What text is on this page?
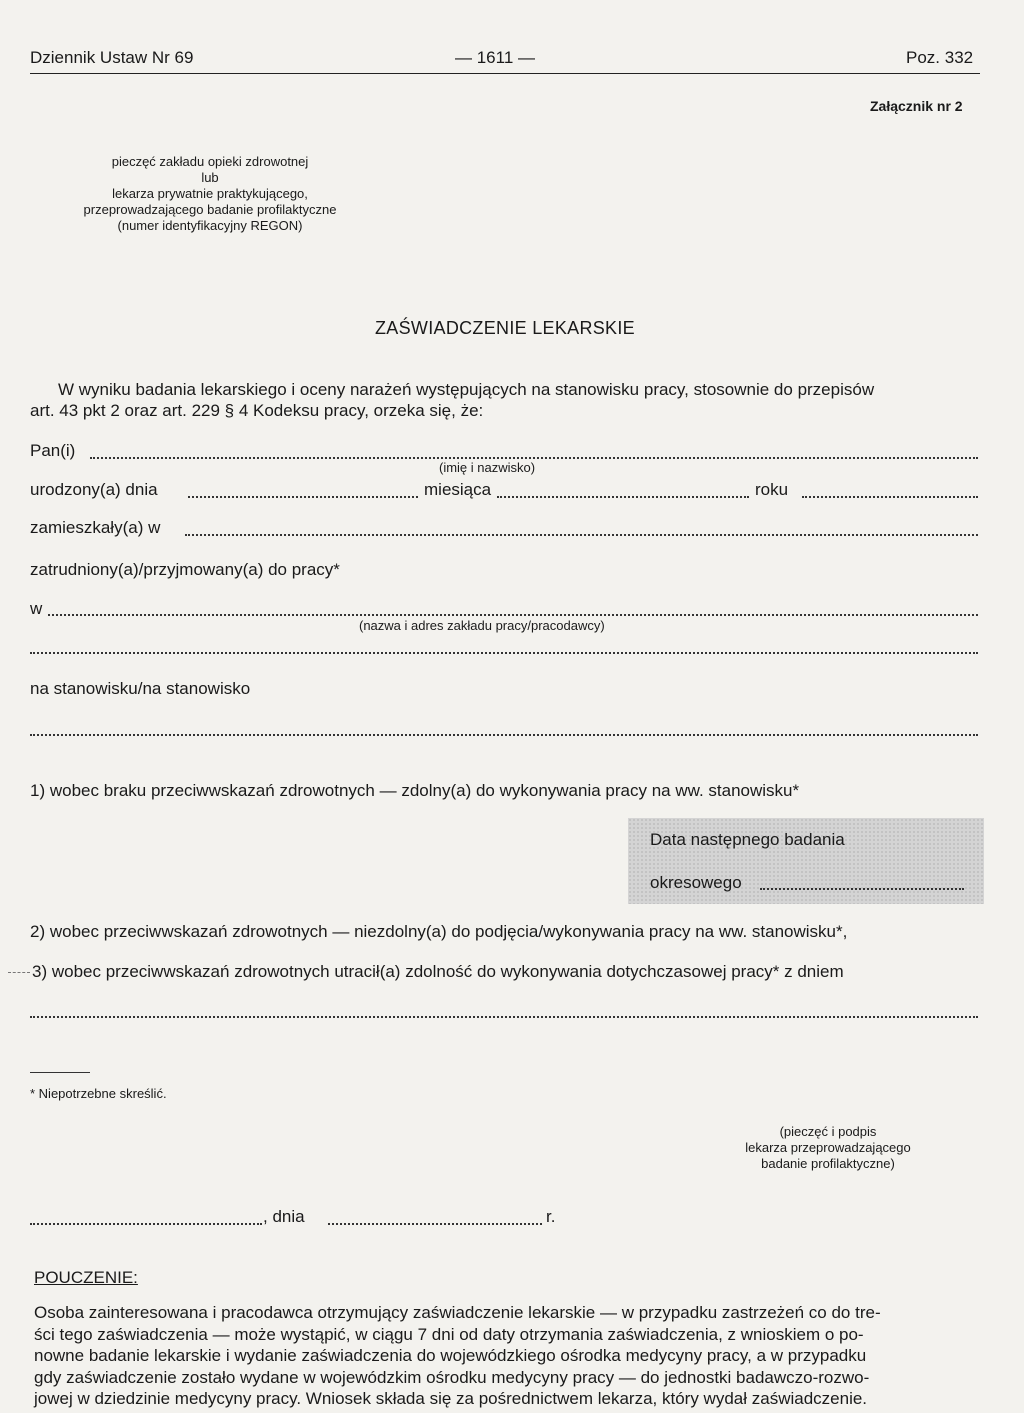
Dziennik Ustaw Nr 69	— 1611 —	Poz. 332
Załącznik nr 2
pieczęć zakładu opieki zdrowotnej
lub
lekarza prywatnie praktykującego,
przeprowadzającego badanie profilaktyczne
(numer identyfikacyjny REGON)
ZAŚWIADCZENIE LEKARSKIE
W wyniku badania lekarskiego i oceny narażeń występujących na stanowisku pracy, stosownie do przepisów
art. 43 pkt 2 oraz art. 229 § 4 Kodeksu pracy, orzeka się, że:
Pan(i)
(imię i nazwisko)
urodzony(a) dnia	miesiąca	roku
zamieszkały(a) w
zatrudniony(a)/przyjmowany(a) do pracy*
w
(nazwa i adres zakładu pracy/pracodawcy)
na stanowisku/na stanowisko
1) wobec braku przeciwwskazań zdrowotnych — zdolny(a) do wykonywania pracy na ww. stanowisku*
Data następnego badania
okresowego
2) wobec przeciwwskazań zdrowotnych — niezdolny(a) do podjęcia/wykonywania pracy na ww. stanowisku*,
3) wobec przeciwwskazań zdrowotnych utracił(a) zdolność do wykonywania dotychczasowej pracy* z dniem
* Niepotrzebne skreślić.
(pieczęć i podpis
lekarza przeprowadzającego
badanie profilaktyczne)
, dnia	r.
POUCZENIE:
Osoba zainteresowana i pracodawca otrzymujący zaświadczenie lekarskie — w przypadku zastrzeżeń co do tre-
ści tego zaświadczenia — może wystąpić, w ciągu 7 dni od daty otrzymania zaświadczenia, z wnioskiem o po-
nowne badanie lekarskie i wydanie zaświadczenia do wojewódzkiego ośrodka medycyny pracy, a w przypadku
gdy zaświadczenie zostało wydane w wojewódzkim ośrodku medycyny pracy — do jednostki badawczo-rozwo-
jowej w dziedzinie medycyny pracy. Wniosek składa się za pośrednictwem lekarza, który wydał zaświadczenie.
